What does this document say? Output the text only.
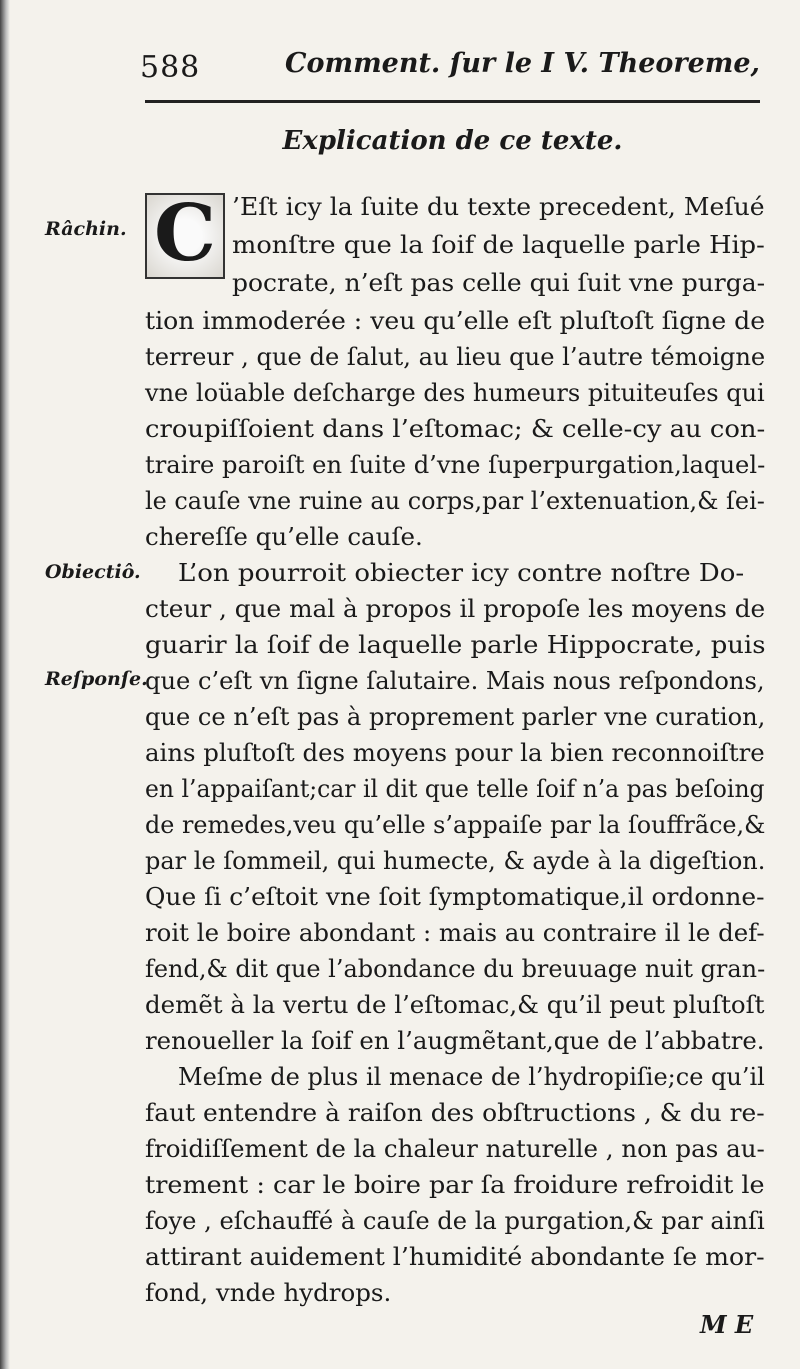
588	Comment. ſur le I V. Theoreme,
Explication de ce texte.
Râchin.
Obiectiô.
Reſponſe.
C ’Eſt icy la ſuite du texte precedent, Meſué
monſtre que la ſoif de laquelle parle Hip-
pocrate, n’eſt pas celle qui ſuit vne purga-
tion immoderée : veu qu’elle eſt pluſtoſt ſigne de
terreur , que de ſalut, au lieu que l’autre témoigne
vne loüable deſcharge des humeurs pituiteuſes qui
croupiſſoient dans l’eſtomac; & celle-cy au con-
traire paroiſt en ſuite d’vne ſuperpurgation,laquel-
le cauſe vne ruine au corps,par l’extenuation,& ſei-
chereſſe qu’elle cauſe.
L’on pourroit obiecter icy contre noſtre Do-
cteur , que mal à propos il propoſe les moyens de
guarir la ſoif de laquelle parle Hippocrate, puis
que c’eſt vn ſigne ſalutaire. Mais nous reſpondons,
que ce n’eſt pas à proprement parler vne curation,
ains pluſtoſt des moyens pour la bien reconnoiſtre
en l’appaiſant;car il dit que telle ſoif n’a pas beſoing
de remedes,veu qu’elle s’appaiſe par la ſouffrãce,&
par le ſommeil, qui humecte, & ayde à la digeſtion.
Que ſi c’eſtoit vne ſoit ſymptomatique,il ordonne-
roit le boire abondant : mais au contraire il le def-
fend,& dit que l’abondance du breuuage nuit gran-
demẽt à la vertu de l’eſtomac,& qu’il peut pluſtoſt
renoueller la ſoif en l’augmẽtant,que de l’abbatre.
Meſme de plus il menace de l’hydropiſie;ce qu’il
faut entendre à raiſon des obſtructions , & du re-
froidiſſement de la chaleur naturelle , non pas au-
trement : car le boire par ſa froidure refroidit le
foye , eſchauffé à cauſe de la purgation,& par ainſi
attirant auidement l’humidité abondante ſe mor-
fond, vnde hydrops.
M E
